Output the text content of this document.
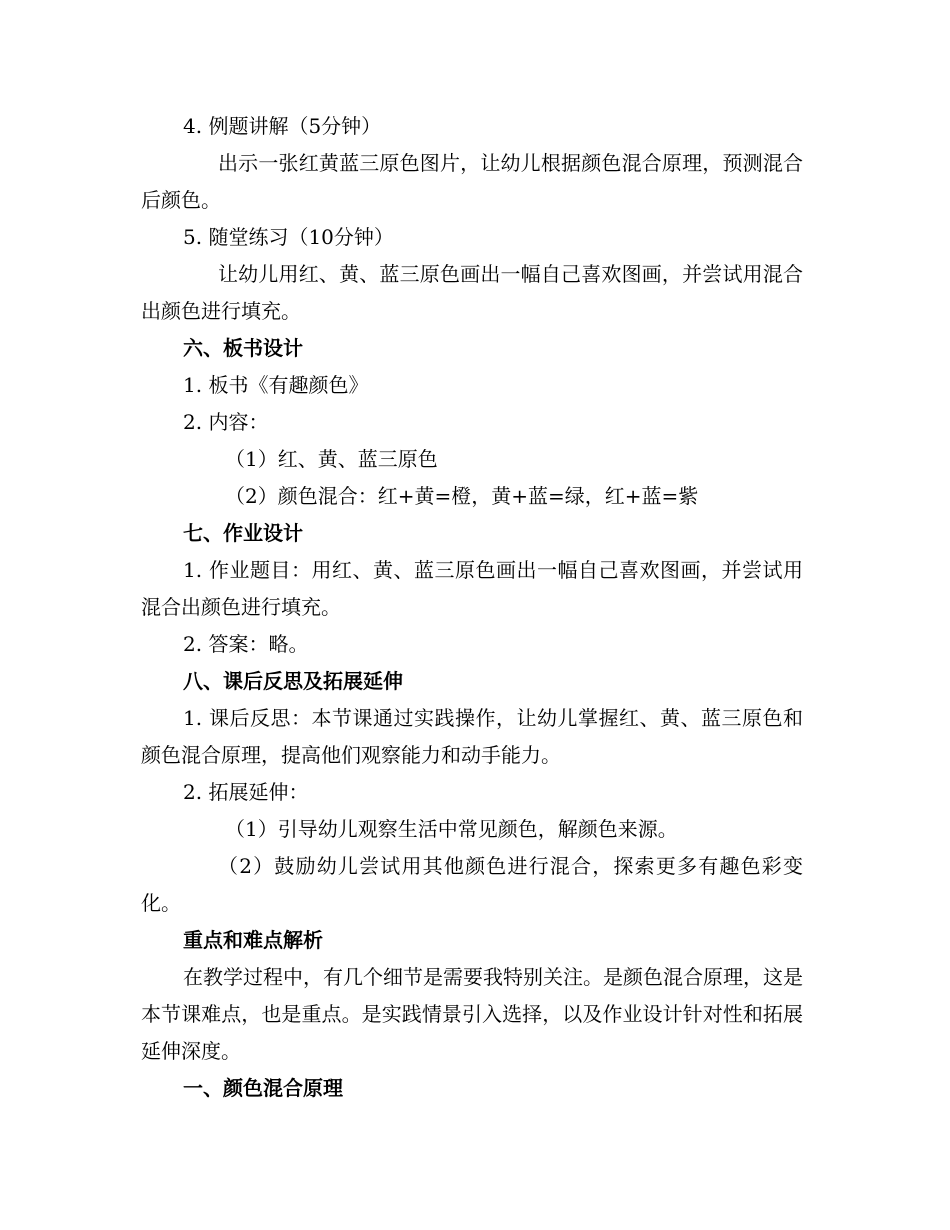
4. 例题讲解（5分钟）

出示一张红黄蓝三原色图片，让幼儿根据颜色混合原理，预测混合后颜色。

5. 随堂练习（10分钟）

让幼儿用红、黄、蓝三原色画出一幅自己喜欢图画，并尝试用混合出颜色进行填充。

六、板书设计

1. 板书《有趣颜色》

2. 内容：

（1）红、黄、蓝三原色

（2）颜色混合：红+黄=橙，黄+蓝=绿，红+蓝=紫

七、作业设计

1. 作业题目：用红、黄、蓝三原色画出一幅自己喜欢图画，并尝试用混合出颜色进行填充。

2. 答案：略。

八、课后反思及拓展延伸

1. 课后反思：本节课通过实践操作，让幼儿掌握红、黄、蓝三原色和颜色混合原理，提高他们观察能力和动手能力。

2. 拓展延伸：

（1）引导幼儿观察生活中常见颜色，解颜色来源。

（2）鼓励幼儿尝试用其他颜色进行混合，探索更多有趣色彩变化。

重点和难点解析

在教学过程中，有几个细节是需要我特别关注。是颜色混合原理，这是本节课难点，也是重点。是实践情景引入选择，以及作业设计针对性和拓展延伸深度。

一、颜色混合原理
